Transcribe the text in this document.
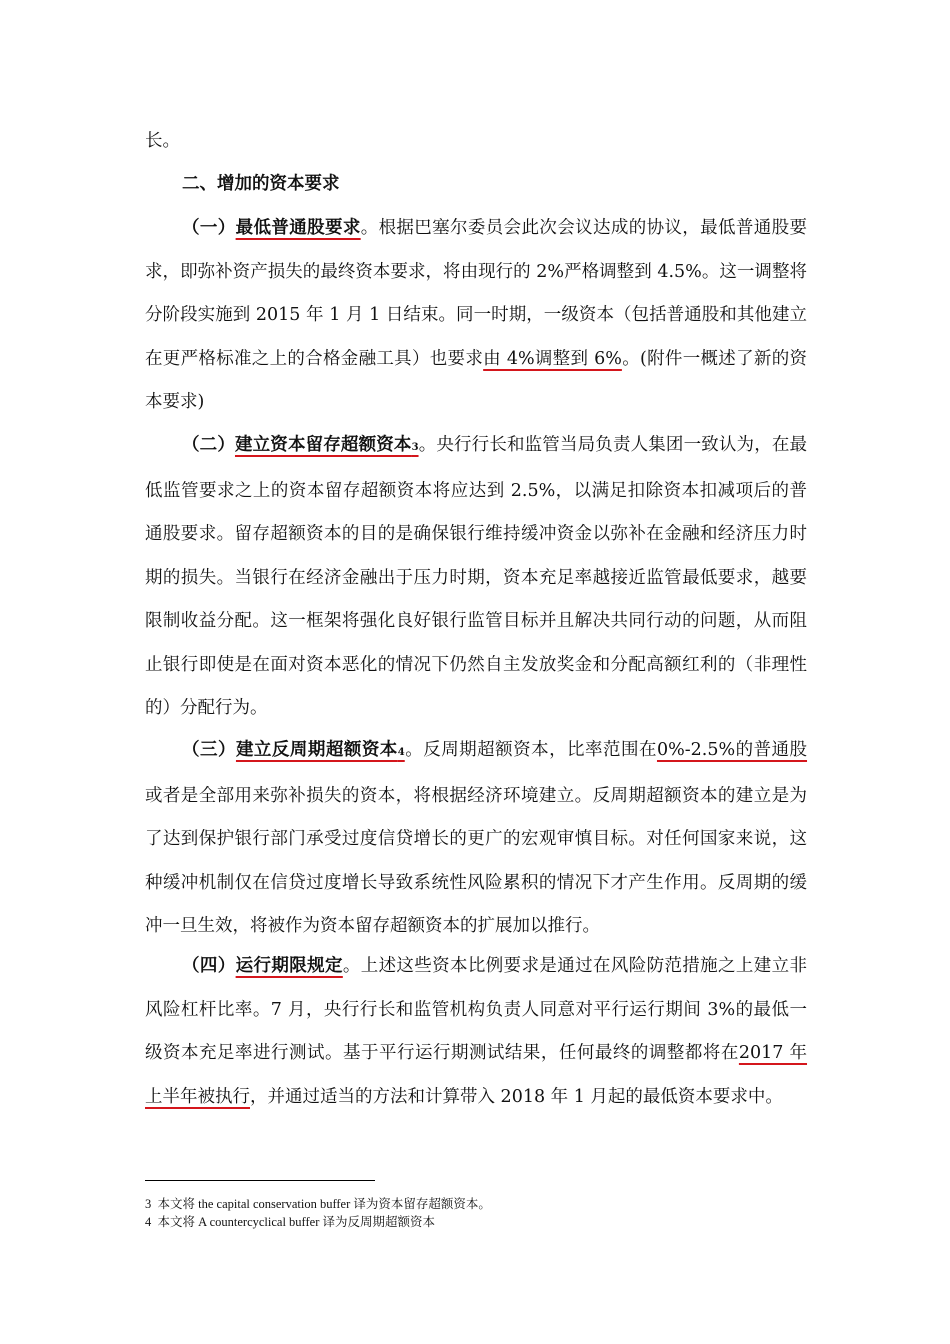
长。
二、增加的资本要求

（一）最低普通股要求。根据巴塞尔委员会此次会议达成的协议，最低普通股要求，即弥补资产损失的最终资本要求，将由现行的 2%严格调整到 4.5%。这一调整将分阶段实施到 2015 年 1 月 1 日结束。同一时期，一级资本（包括普通股和其他建立在更严格标准之上的合格金融工具）也要求由 4%调整到 6%。(附件一概述了新的资本要求)

（二）建立资本留存超额资本3。央行行长和监管当局负责人集团一致认为，在最低监管要求之上的资本留存超额资本将应达到 2.5%，以满足扣除资本扣减项后的普通股要求。留存超额资本的目的是确保银行维持缓冲资金以弥补在金融和经济压力时期的损失。当银行在经济金融出于压力时期，资本充足率越接近监管最低要求，越要限制收益分配。这一框架将强化良好银行监管目标并且解决共同行动的问题，从而阻止银行即使是在面对资本恶化的情况下仍然自主发放奖金和分配高额红利的（非理性的）分配行为。

（三）建立反周期超额资本4。反周期超额资本，比率范围在0%-2.5%的普通股或者是全部用来弥补损失的资本，将根据经济环境建立。反周期超额资本的建立是为了达到保护银行部门承受过度信贷增长的更广的宏观审慎目标。对任何国家来说，这种缓冲机制仅在信贷过度增长导致系统性风险累积的情况下才产生作用。反周期的缓冲一旦生效，将被作为资本留存超额资本的扩展加以推行。

（四）运行期限规定。上述这些资本比例要求是通过在风险防范措施之上建立非风险杠杆比率。7 月，央行行长和监管机构负责人同意对平行运行期间 3%的最低一级资本充足率进行测试。基于平行运行期测试结果，任何最终的调整都将在2017 年上半年被执行，并通过适当的方法和计算带入 2018 年 1 月起的最低资本要求中。

3 本文将 the capital conservation buffer 译为资本留存超额资本。
4 本文将 A countercyclical buffer 译为反周期超额资本
